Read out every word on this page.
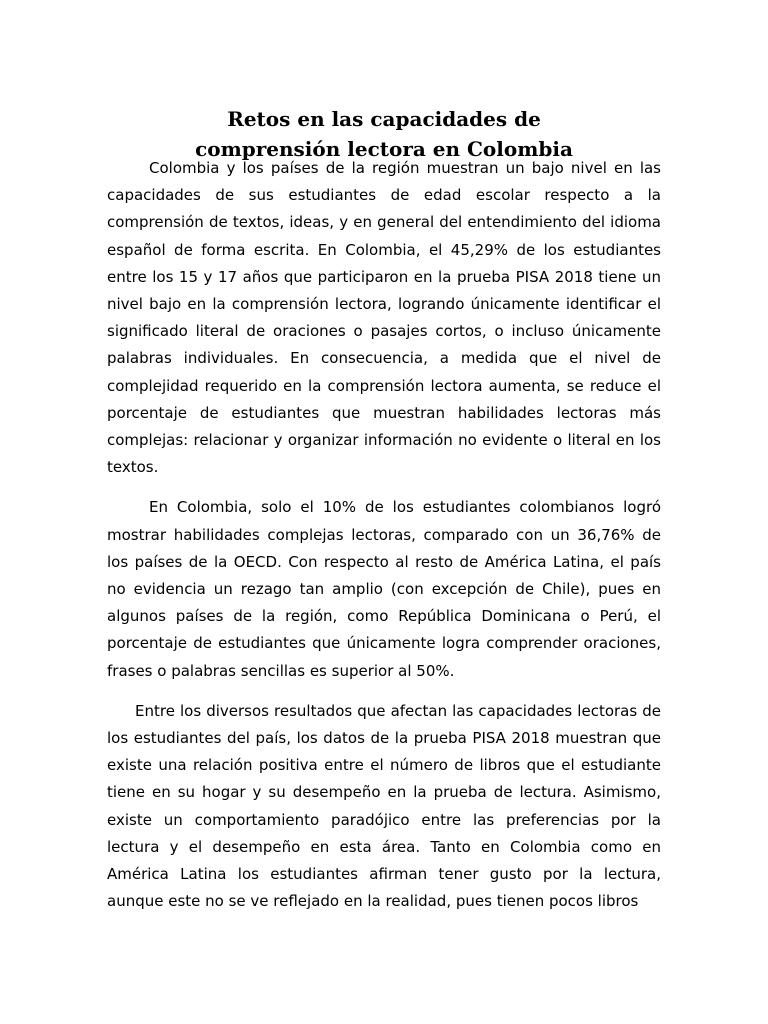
Retos en las capacidades de
comprensión lectora en Colombia

Colombia y los países de la región muestran un bajo nivel en las capacidades de sus estudiantes de edad escolar respecto a la comprensión de textos, ideas, y en general del entendimiento del idioma español de forma escrita. En Colombia, el 45,29% de los estudiantes entre los 15 y 17 años que participaron en la prueba PISA 2018 tiene un nivel bajo en la comprensión lectora, logrando únicamente identificar el significado literal de oraciones o pasajes cortos, o incluso únicamente palabras individuales. En consecuencia, a medida que el nivel de complejidad requerido en la comprensión lectora aumenta, se reduce el porcentaje de estudiantes que muestran habilidades lectoras más complejas: relacionar y organizar información no evidente o literal en los textos.

En Colombia, solo el 10% de los estudiantes colombianos logró mostrar habilidades complejas lectoras, comparado con un 36,76% de los países de la OECD. Con respecto al resto de América Latina, el país no evidencia un rezago tan amplio (con excepción de Chile), pues en algunos países de la región, como República Dominicana o Perú, el porcentaje de estudiantes que únicamente logra comprender oraciones, frases o palabras sencillas es superior al 50%.

Entre los diversos resultados que afectan las capacidades lectoras de los estudiantes del país, los datos de la prueba PISA 2018 muestran que existe una relación positiva entre el número de libros que el estudiante tiene en su hogar y su desempeño en la prueba de lectura. Asimismo, existe un comportamiento paradójico entre las preferencias por la lectura y el desempeño en esta área. Tanto en Colombia como en América Latina los estudiantes afirman tener gusto por la lectura, aunque este no se ve reflejado en la realidad, pues tienen pocos libros
